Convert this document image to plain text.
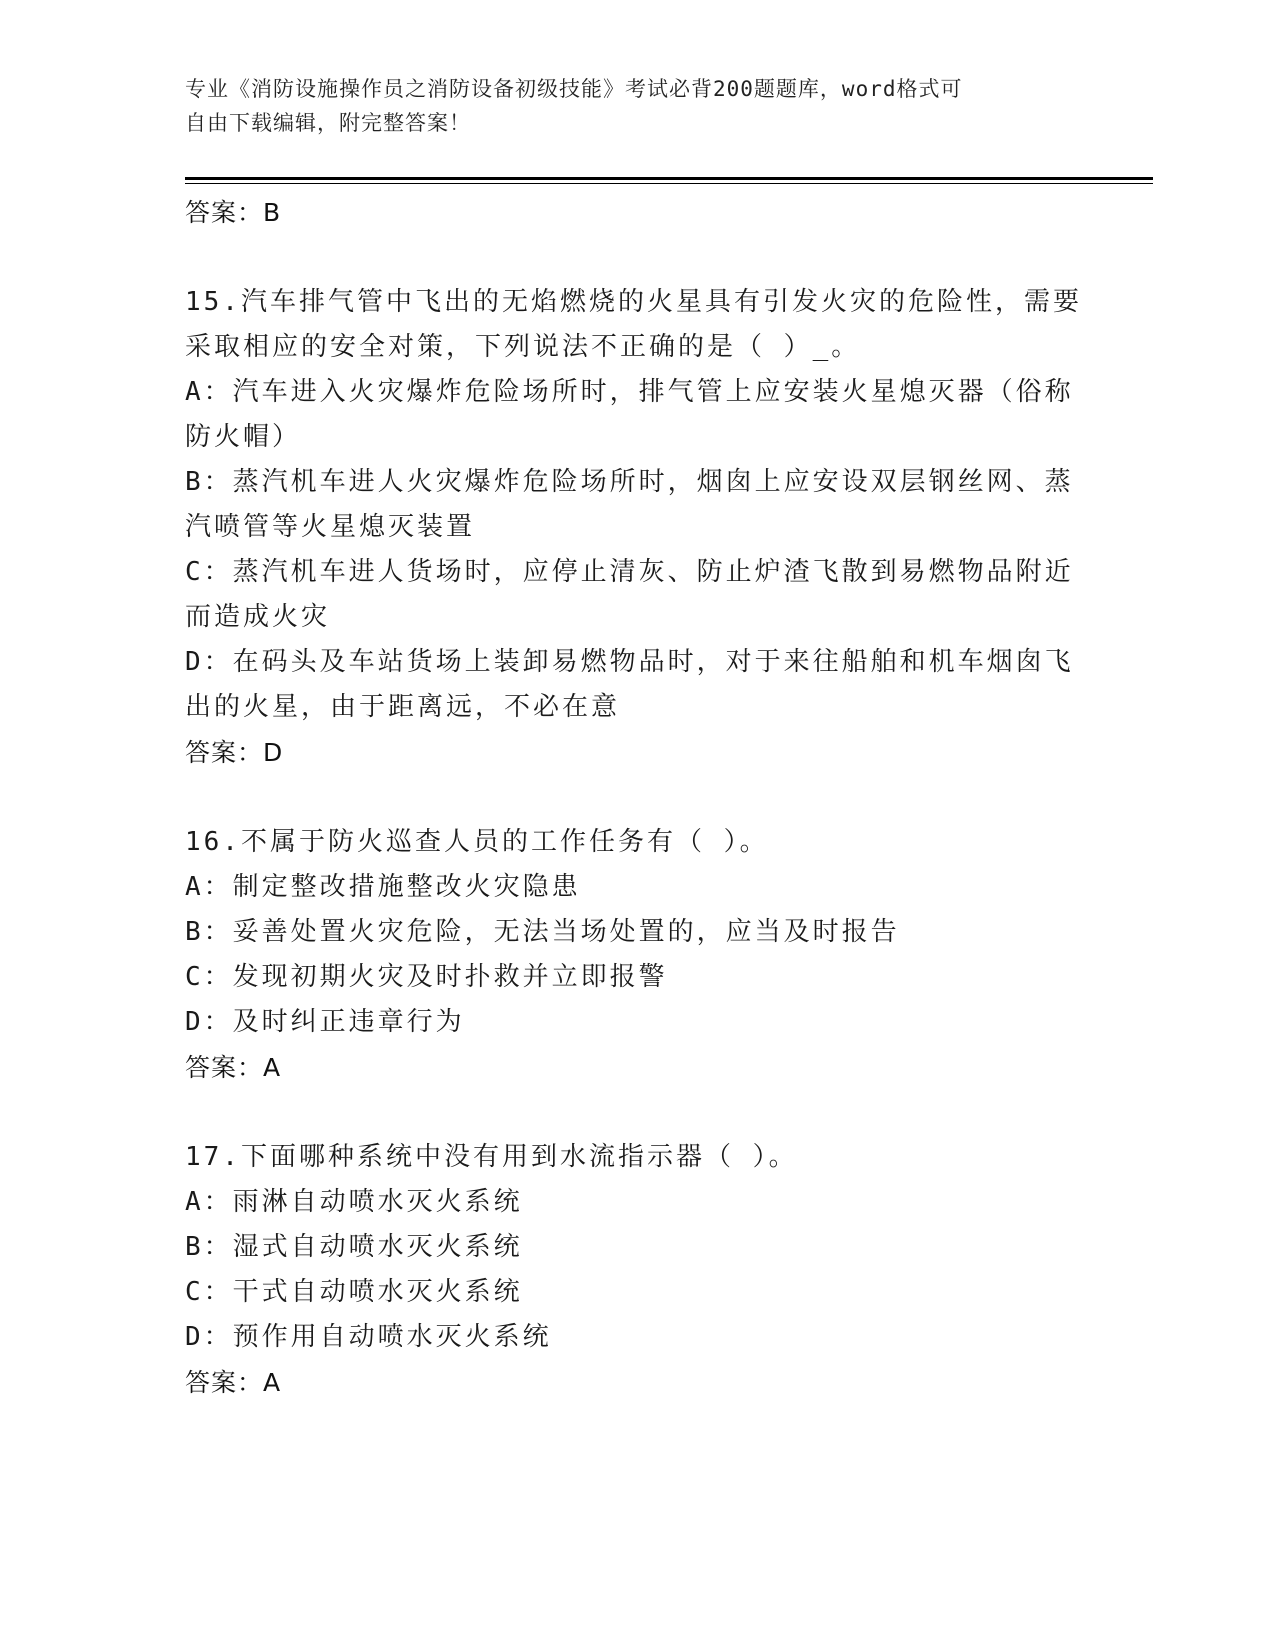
专业《消防设施操作员之消防设备初级技能》考试必背200题题库，word格式可
自由下载编辑，附完整答案！
答案：B
15.汽车排气管中飞出的无焰燃烧的火星具有引发火灾的危险性，需要
采取相应的安全对策，下列说法不正确的是（ ）_。
A：汽车进入火灾爆炸危险场所时，排气管上应安装火星熄灭器（俗称
防火帽）
B：蒸汽机车进人火灾爆炸危险场所时，烟囱上应安设双层钢丝网、蒸
汽喷管等火星熄灭装置
C：蒸汽机车进人货场时，应停止清灰、防止炉渣飞散到易燃物品附近
而造成火灾
D：在码头及车站货场上装卸易燃物品时，对于来往船舶和机车烟囱飞
出的火星，由于距离远，不必在意
答案：D
16.不属于防火巡查人员的工作任务有（ ）。
A：制定整改措施整改火灾隐患
B：妥善处置火灾危险，无法当场处置的，应当及时报告
C：发现初期火灾及时扑救并立即报警
D：及时纠正违章行为
答案：A
17.下面哪种系统中没有用到水流指示器（ ）。
A：雨淋自动喷水灭火系统
B：湿式自动喷水灭火系统
C：干式自动喷水灭火系统
D：预作用自动喷水灭火系统
答案：A
